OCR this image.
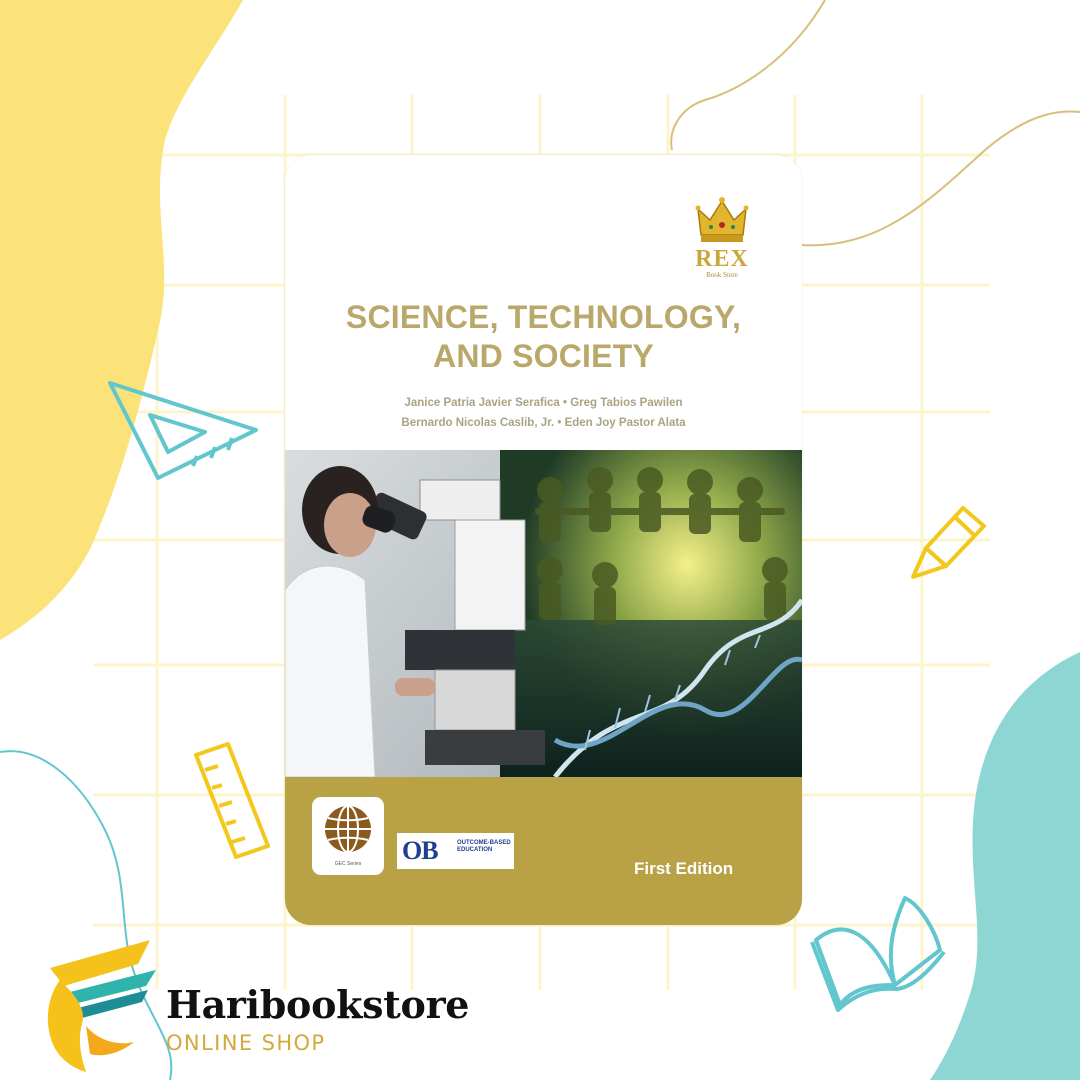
REX
Book Store
SCIENCE, TECHNOLOGY,
AND SOCIETY
Janice Patria Javier Serafica • Greg Tabios Pawilen
Bernardo Nicolas Caslib, Jr. • Eden Joy Pastor Alata
GEC Series	OB	OUTCOME-BASED EDUCATION
First Edition
Haribookstore
ONLINE SHOP
